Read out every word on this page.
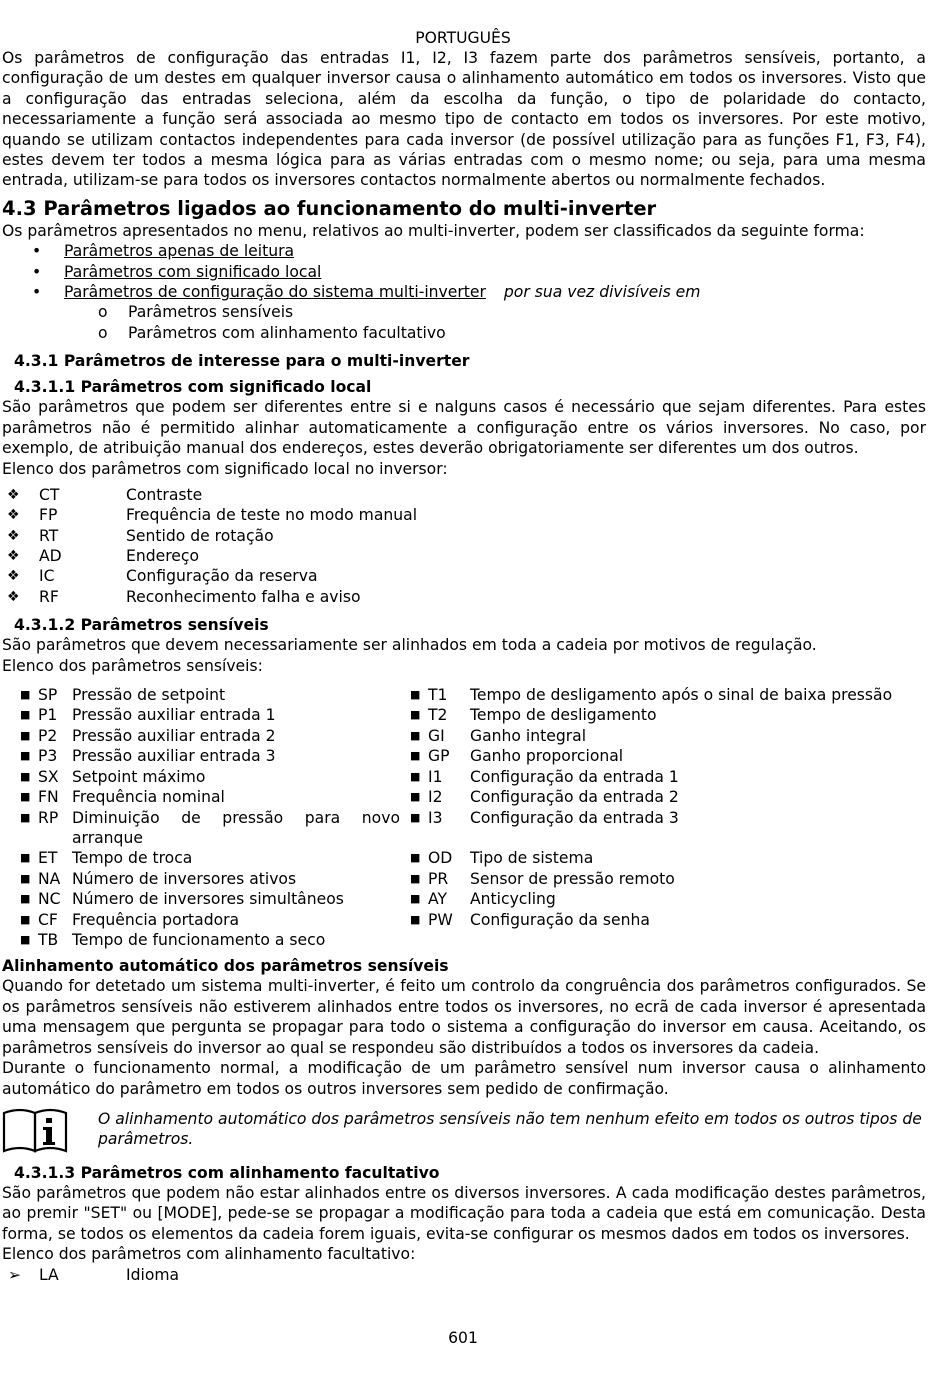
PORTUGUÊS

Os parâmetros de configuração das entradas I1, I2, I3 fazem parte dos parâmetros sensíveis, portanto, a configuração de um destes em qualquer inversor causa o alinhamento automático em todos os inversores. Visto que a configuração das entradas seleciona, além da escolha da função, o tipo de polaridade do contacto, necessariamente a função será associada ao mesmo tipo de contacto em todos os inversores. Por este motivo, quando se utilizam contactos independentes para cada inversor (de possível utilização para as funções F1, F3, F4), estes devem ter todos a mesma lógica para as várias entradas com o mesmo nome; ou seja, para uma mesma entrada, utilizam-se para todos os inversores contactos normalmente abertos ou normalmente fechados.

4.3 Parâmetros ligados ao funcionamento do multi-inverter

Os parâmetros apresentados no menu, relativos ao multi-inverter, podem ser classificados da seguinte forma:

• Parâmetros apenas de leitura
• Parâmetros com significado local
• Parâmetros de configuração do sistema multi-inverter por sua vez divisíveis em
o Parâmetros sensíveis
o Parâmetros com alinhamento facultativo
4.3.1 Parâmetros de interesse para o multi-inverter
4.3.1.1 Parâmetros com significado local

São parâmetros que podem ser diferentes entre si e nalguns casos é necessário que sejam diferentes. Para estes parâmetros não é permitido alinhar automaticamente a configuração entre os vários inversores. No caso, por exemplo, de atribuição manual dos endereços, estes deverão obrigatoriamente ser diferentes um dos outros.

Elenco dos parâmetros com significado local no inversor:

❖ CT	Contraste
❖ FP	Frequência de teste no modo manual
❖ RT	Sentido de rotação
❖ AD	Endereço
❖ IC	Configuração da reserva
❖ RF	Reconhecimento falha e aviso
4.3.1.2 Parâmetros sensíveis

São parâmetros que devem necessariamente ser alinhados em toda a cadeia por motivos de regulação.

Elenco dos parâmetros sensíveis:

■ SP Pressão de setpoint
■ P1 Pressão auxiliar entrada 1
■ P2 Pressão auxiliar entrada 2
■ P3 Pressão auxiliar entrada 3
■ SX Setpoint máximo
■ FN Frequência nominal
■ RP Diminuição de pressão para novo arranque
■ ET Tempo de troca
■ NA Número de inversores ativos
■ NC Número de inversores simultâneos
■ CF Frequência portadora
■ TB Tempo de funcionamento a seco
■ T1 Tempo de desligamento após o sinal de baixa pressão
■ T2 Tempo de desligamento
■ GI Ganho integral
■ GP Ganho proporcional
■ I1 Configuração da entrada 1
■ I2 Configuração da entrada 2
■ I3 Configuração da entrada 3
■ OD Tipo de sistema
■ PR Sensor de pressão remoto
■ AY Anticycling
■ PW Configuração da senha

Alinhamento automático dos parâmetros sensíveis

Quando for detetado um sistema multi-inverter, é feito um controlo da congruência dos parâmetros configurados. Se os parâmetros sensíveis não estiverem alinhados entre todos os inversores, no ecrã de cada inversor é apresentada uma mensagem que pergunta se propagar para todo o sistema a configuração do inversor em causa. Aceitando, os parâmetros sensíveis do inversor ao qual se respondeu são distribuídos a todos os inversores da cadeia.

Durante o funcionamento normal, a modificação de um parâmetro sensível num inversor causa o alinhamento automático do parâmetro em todos os outros inversores sem pedido de confirmação.

O alinhamento automático dos parâmetros sensíveis não tem nenhum efeito em todos os outros tipos de parâmetros.
4.3.1.3 Parâmetros com alinhamento facultativo

São parâmetros que podem não estar alinhados entre os diversos inversores. A cada modificação destes parâmetros, ao premir "SET" ou [MODE], pede-se se propagar a modificação para toda a cadeia que está em comunicação. Desta forma, se todos os elementos da cadeia forem iguais, evita-se configurar os mesmos dados em todos os inversores.

Elenco dos parâmetros com alinhamento facultativo:

➢ LA	Idioma
601
